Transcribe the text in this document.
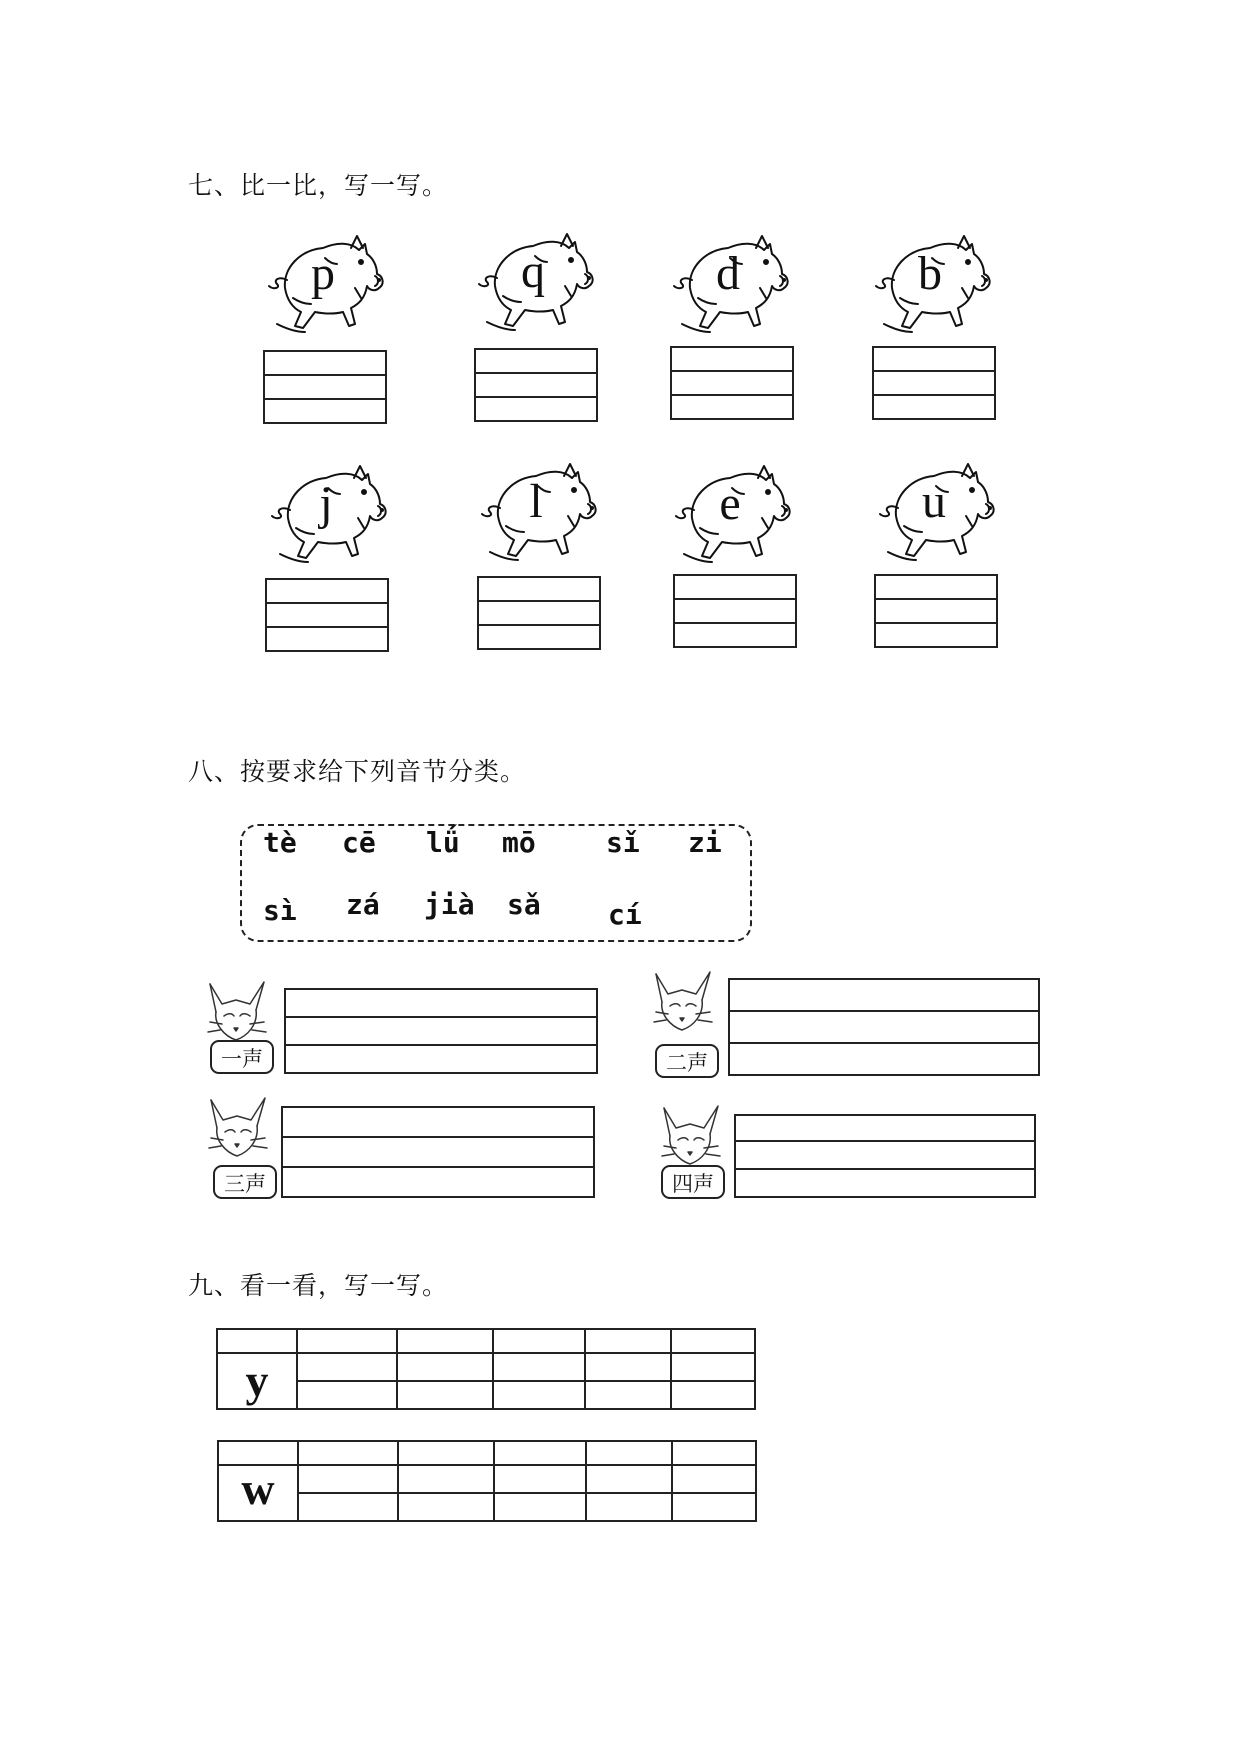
七、比一比，写一写。
p	q	d	b
j	l	e	u
八、按要求给下列音节分类。
tè cē lǘ mō	sǐ zi
sì zá jià sǎ cí
一声	二声
三声	四声
九、看一看，写一写。

y					

w					
